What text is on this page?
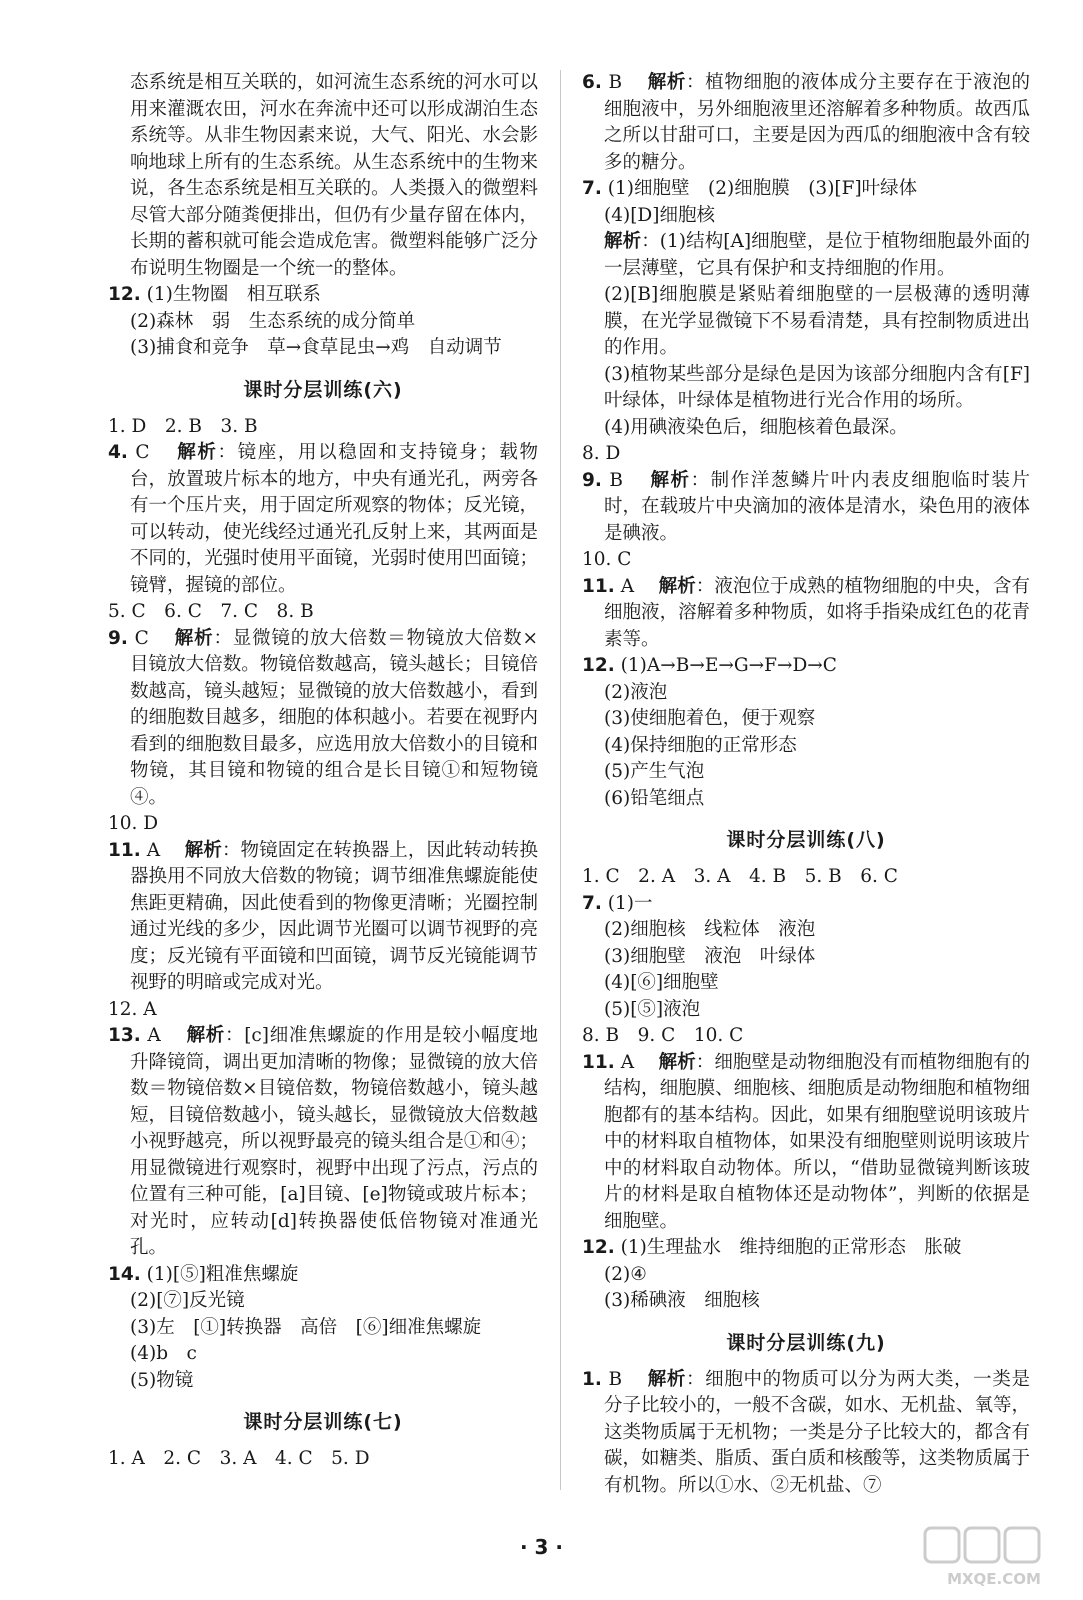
态系统是相互关联的，如河流生态系统的河水可以用来灌溉农田，河水在奔流中还可以形成湖泊生态系统等。从非生物因素来说，大气、阳光、水会影响地球上所有的生态系统。从生态系统中的生物来说，各生态系统是相互关联的。人类摄入的微塑料尽管大部分随粪便排出，但仍有少量存留在体内，长期的蓄积就可能会造成危害。微塑料能够广泛分布说明生物圈是一个统一的整体。
12. (1)生物圈　相互联系
(2)森林　弱　生态系统的成分简单
(3)捕食和竞争　草→食草昆虫→鸡　自动调节
课时分层训练(六)
1. D　2. B　3. B
4. C 　 解析：镜座，用以稳固和支持镜身；载物台，放置玻片标本的地方，中央有通光孔，两旁各有一个压片夹，用于固定所观察的物体；反光镜，可以转动，使光线经过通光孔反射上来，其两面是不同的，光强时使用平面镜，光弱时使用凹面镜；镜臂，握镜的部位。
5. C　6. C　7. C　8. B
9. C 　 解析：显微镜的放大倍数＝物镜放大倍数×目镜放大倍数。物镜倍数越高，镜头越长；目镜倍数越高，镜头越短；显微镜的放大倍数越小，看到的细胞数目越多，细胞的体积越小。若要在视野内看到的细胞数目最多，应选用放大倍数小的目镜和物镜，其目镜和物镜的组合是长目镜①和短物镜④。
10. D
11. A 　 解析：物镜固定在转换器上，因此转动转换器换用不同放大倍数的物镜；调节细准焦螺旋能使焦距更精确，因此使看到的物像更清晰；光圈控制通过光线的多少，因此调节光圈可以调节视野的亮度；反光镜有平面镜和凹面镜，调节反光镜能调节视野的明暗或完成对光。
12. A
13. A 　 解析：[c]细准焦螺旋的作用是较小幅度地升降镜筒，调出更加清晰的物像；显微镜的放大倍数＝物镜倍数×目镜倍数，物镜倍数越小，镜头越短，目镜倍数越小，镜头越长，显微镜放大倍数越小视野越亮，所以视野最亮的镜头组合是①和④；用显微镜进行观察时，视野中出现了污点，污点的位置有三种可能，[a]目镜、[e]物镜或玻片标本；对光时，应转动[d]转换器使低倍物镜对准通光孔。
14. (1)[⑤]粗准焦螺旋
(2)[⑦]反光镜
(3)左　[①]转换器　高倍　[⑥]细准焦螺旋
(4)b　c
(5)物镜
课时分层训练(七)
1. A　2. C　3. A　4. C　5. D
6. B 　 解析：植物细胞的液体成分主要存在于液泡的细胞液中，另外细胞液里还溶解着多种物质。故西瓜之所以甘甜可口，主要是因为西瓜的细胞液中含有较多的糖分。
7. (1)细胞壁　(2)细胞膜　(3)[F]叶绿体
(4)[D]细胞核
解析：(1)结构[A]细胞壁，是位于植物细胞最外面的一层薄壁，它具有保护和支持细胞的作用。
(2)[B]细胞膜是紧贴着细胞壁的一层极薄的透明薄膜，在光学显微镜下不易看清楚，具有控制物质进出的作用。
(3)植物某些部分是绿色是因为该部分细胞内含有[F]叶绿体，叶绿体是植物进行光合作用的场所。
(4)用碘液染色后，细胞核着色最深。
8. D
9. B 　 解析：制作洋葱鳞片叶内表皮细胞临时装片时，在载玻片中央滴加的液体是清水，染色用的液体是碘液。
10. C
11. A 　 解析：液泡位于成熟的植物细胞的中央，含有细胞液，溶解着多种物质，如将手指染成红色的花青素等。
12. (1)A→B→E→G→F→D→C
(2)液泡
(3)使细胞着色，便于观察
(4)保持细胞的正常形态
(5)产生气泡
(6)铅笔细点
课时分层训练(八)
1. C　2. A　3. A　4. B　5. B　6. C
7. (1)一
(2)细胞核　线粒体　液泡
(3)细胞壁　液泡　叶绿体
(4)[⑥]细胞壁
(5)[⑤]液泡
8. B　9. C　10. C
11. A 　 解析：细胞壁是动物细胞没有而植物细胞有的结构，细胞膜、细胞核、细胞质是动物细胞和植物细胞都有的基本结构。因此，如果有细胞壁说明该玻片中的材料取自植物体，如果没有细胞壁则说明该玻片中的材料取自动物体。所以，“借助显微镜判断该玻片的材料是取自植物体还是动物体”，判断的依据是细胞壁。
12. (1)生理盐水　维持细胞的正常形态　胀破
(2)④
(3)稀碘液　细胞核
课时分层训练(九)
1. B 　 解析：细胞中的物质可以分为两大类，一类是分子比较小的，一般不含碳，如水、无机盐、氧等，这类物质属于无机物；一类是分子比较大的，都含有碳，如糖类、脂质、蛋白质和核酸等，这类物质属于有机物。所以①水、②无机盐、⑦
· 3 ·
MXQE.COM
